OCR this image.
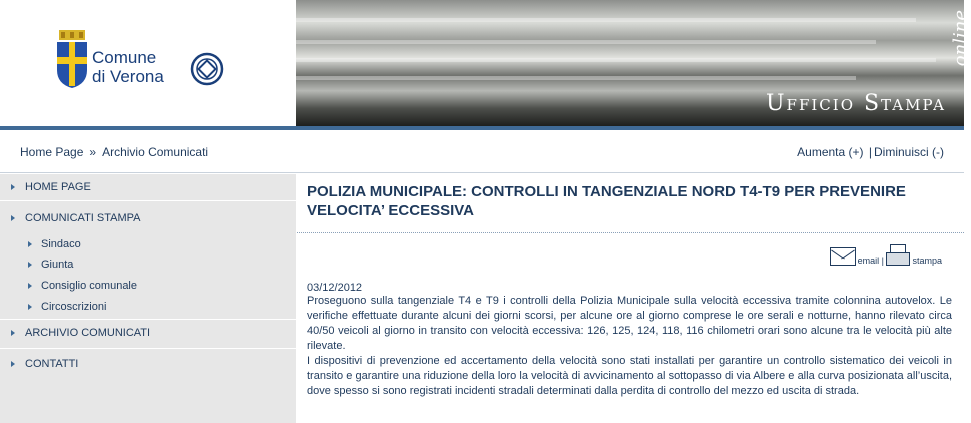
Comune
di Verona
online
Ufficio Stampa
Home Page » Archivio Comunicati	Aumenta (+) | Diminuisci (-)
HOME PAGE
COMUNICATI STAMPA
Sindaco
Giunta
Consiglio comunale
Circoscrizioni
ARCHIVIO COMUNICATI
CONTATTI
POLIZIA MUNICIPALE: CONTROLLI IN TANGENZIALE NORD T4-T9 PER PREVENIRE VELOCITA’ ECCESSIVA
email |	stampa
03/12/2012

Proseguono sulla tangenziale T4 e T9 i controlli della Polizia Municipale sulla velocità eccessiva tramite colonnina autovelox. Le verifiche effettuate durante alcuni dei giorni scorsi, per alcune ore al giorno comprese le ore serali e notturne, hanno rilevato circa 40/50 veicoli al giorno in transito con velocità eccessiva: 126, 125, 124, 118, 116 chilometri orari sono alcune tra le velocità più alte rilevate.

I dispositivi di prevenzione ed accertamento della velocità sono stati installati per garantire un controllo sistematico dei veicoli in transito e garantire una riduzione della loro la velocità di avvicinamento al sottopasso di via Albere e alla curva posizionata all’uscita, dove spesso si sono registrati incidenti stradali determinati dalla perdita di controllo del mezzo ed uscita di strada.
